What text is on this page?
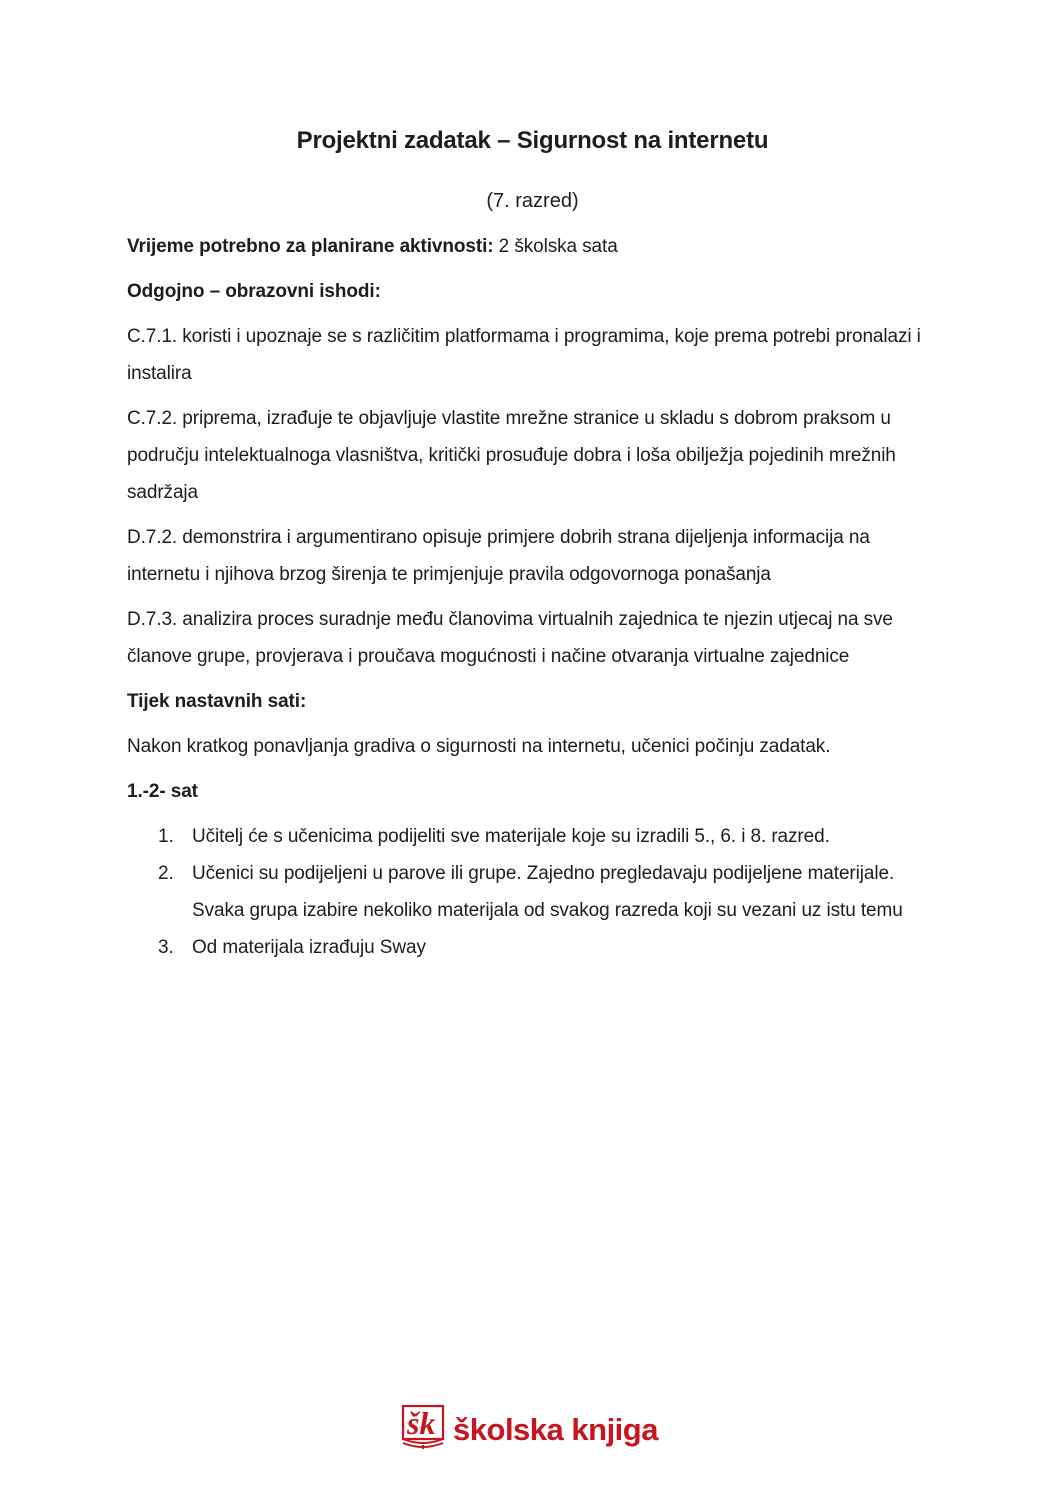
Projektni zadatak – Sigurnost na internetu

(7. razred)

Vrijeme potrebno za planirane aktivnosti: 2 školska sata

Odgojno – obrazovni ishodi:

C.7.1. koristi i upoznaje se s različitim platformama i programima, koje prema potrebi pronalazi i instalira

C.7.2. priprema, izrađuje te objavljuje vlastite mrežne stranice u skladu s dobrom praksom u području intelektualnoga vlasništva, kritički prosuđuje dobra i loša obilježja pojedinih mrežnih sadržaja

D.7.2. demonstrira i argumentirano opisuje primjere dobrih strana dijeljenja informacija na internetu i njihova brzog širenja te primjenjuje pravila odgovornoga ponašanja

D.7.3. analizira proces suradnje među članovima virtualnih zajednica te njezin utjecaj na sve članove grupe, provjerava i proučava mogućnosti i načine otvaranja virtualne zajednice

Tijek nastavnih sati:

Nakon kratkog ponavljanja gradiva o sigurnosti na internetu, učenici počinju zadatak.

1.-2- sat

Učitelj će s učenicima podijeliti sve materijale koje su izradili 5., 6. i 8. razred.
Učenici su podijeljeni u parove ili grupe. Zajedno pregledavaju podijeljene materijale. Svaka grupa izabire nekoliko materijala od svakog razreda koji su vezani uz istu temu
Od materijala izrađuju Sway
šk školska knjiga
